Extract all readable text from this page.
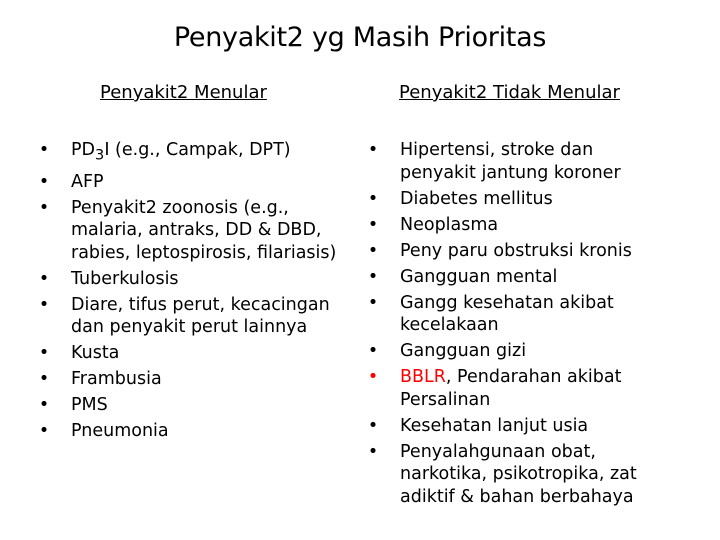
Penyakit2 yg Masih Prioritas
Penyakit2 Menular	Penyakit2 Tidak Menular
• $PD_3I$ (e.g., Campak, DPT)
• AFP
• Penyakit2 zoonosis (e.g., malaria, antraks, DD & DBD, rabies, leptospirosis, filariasis)
• Tuberkulosis
• Diare, tifus perut, kecacingan dan penyakit perut lainnya
• Kusta
• Frambusia
• PMS
• Pneumonia
• Hipertensi, stroke dan penyakit jantung koroner
• Diabetes mellitus
• Neoplasma
• Peny paru obstruksi kronis
• Gangguan mental
• Gangg kesehatan akibat kecelakaan
• Gangguan gizi
• BBLR, Pendarahan akibat Persalinan
• Kesehatan lanjut usia
• Penyalahgunaan obat, narkotika, psikotropika, zat adiktif & bahan berbahaya
